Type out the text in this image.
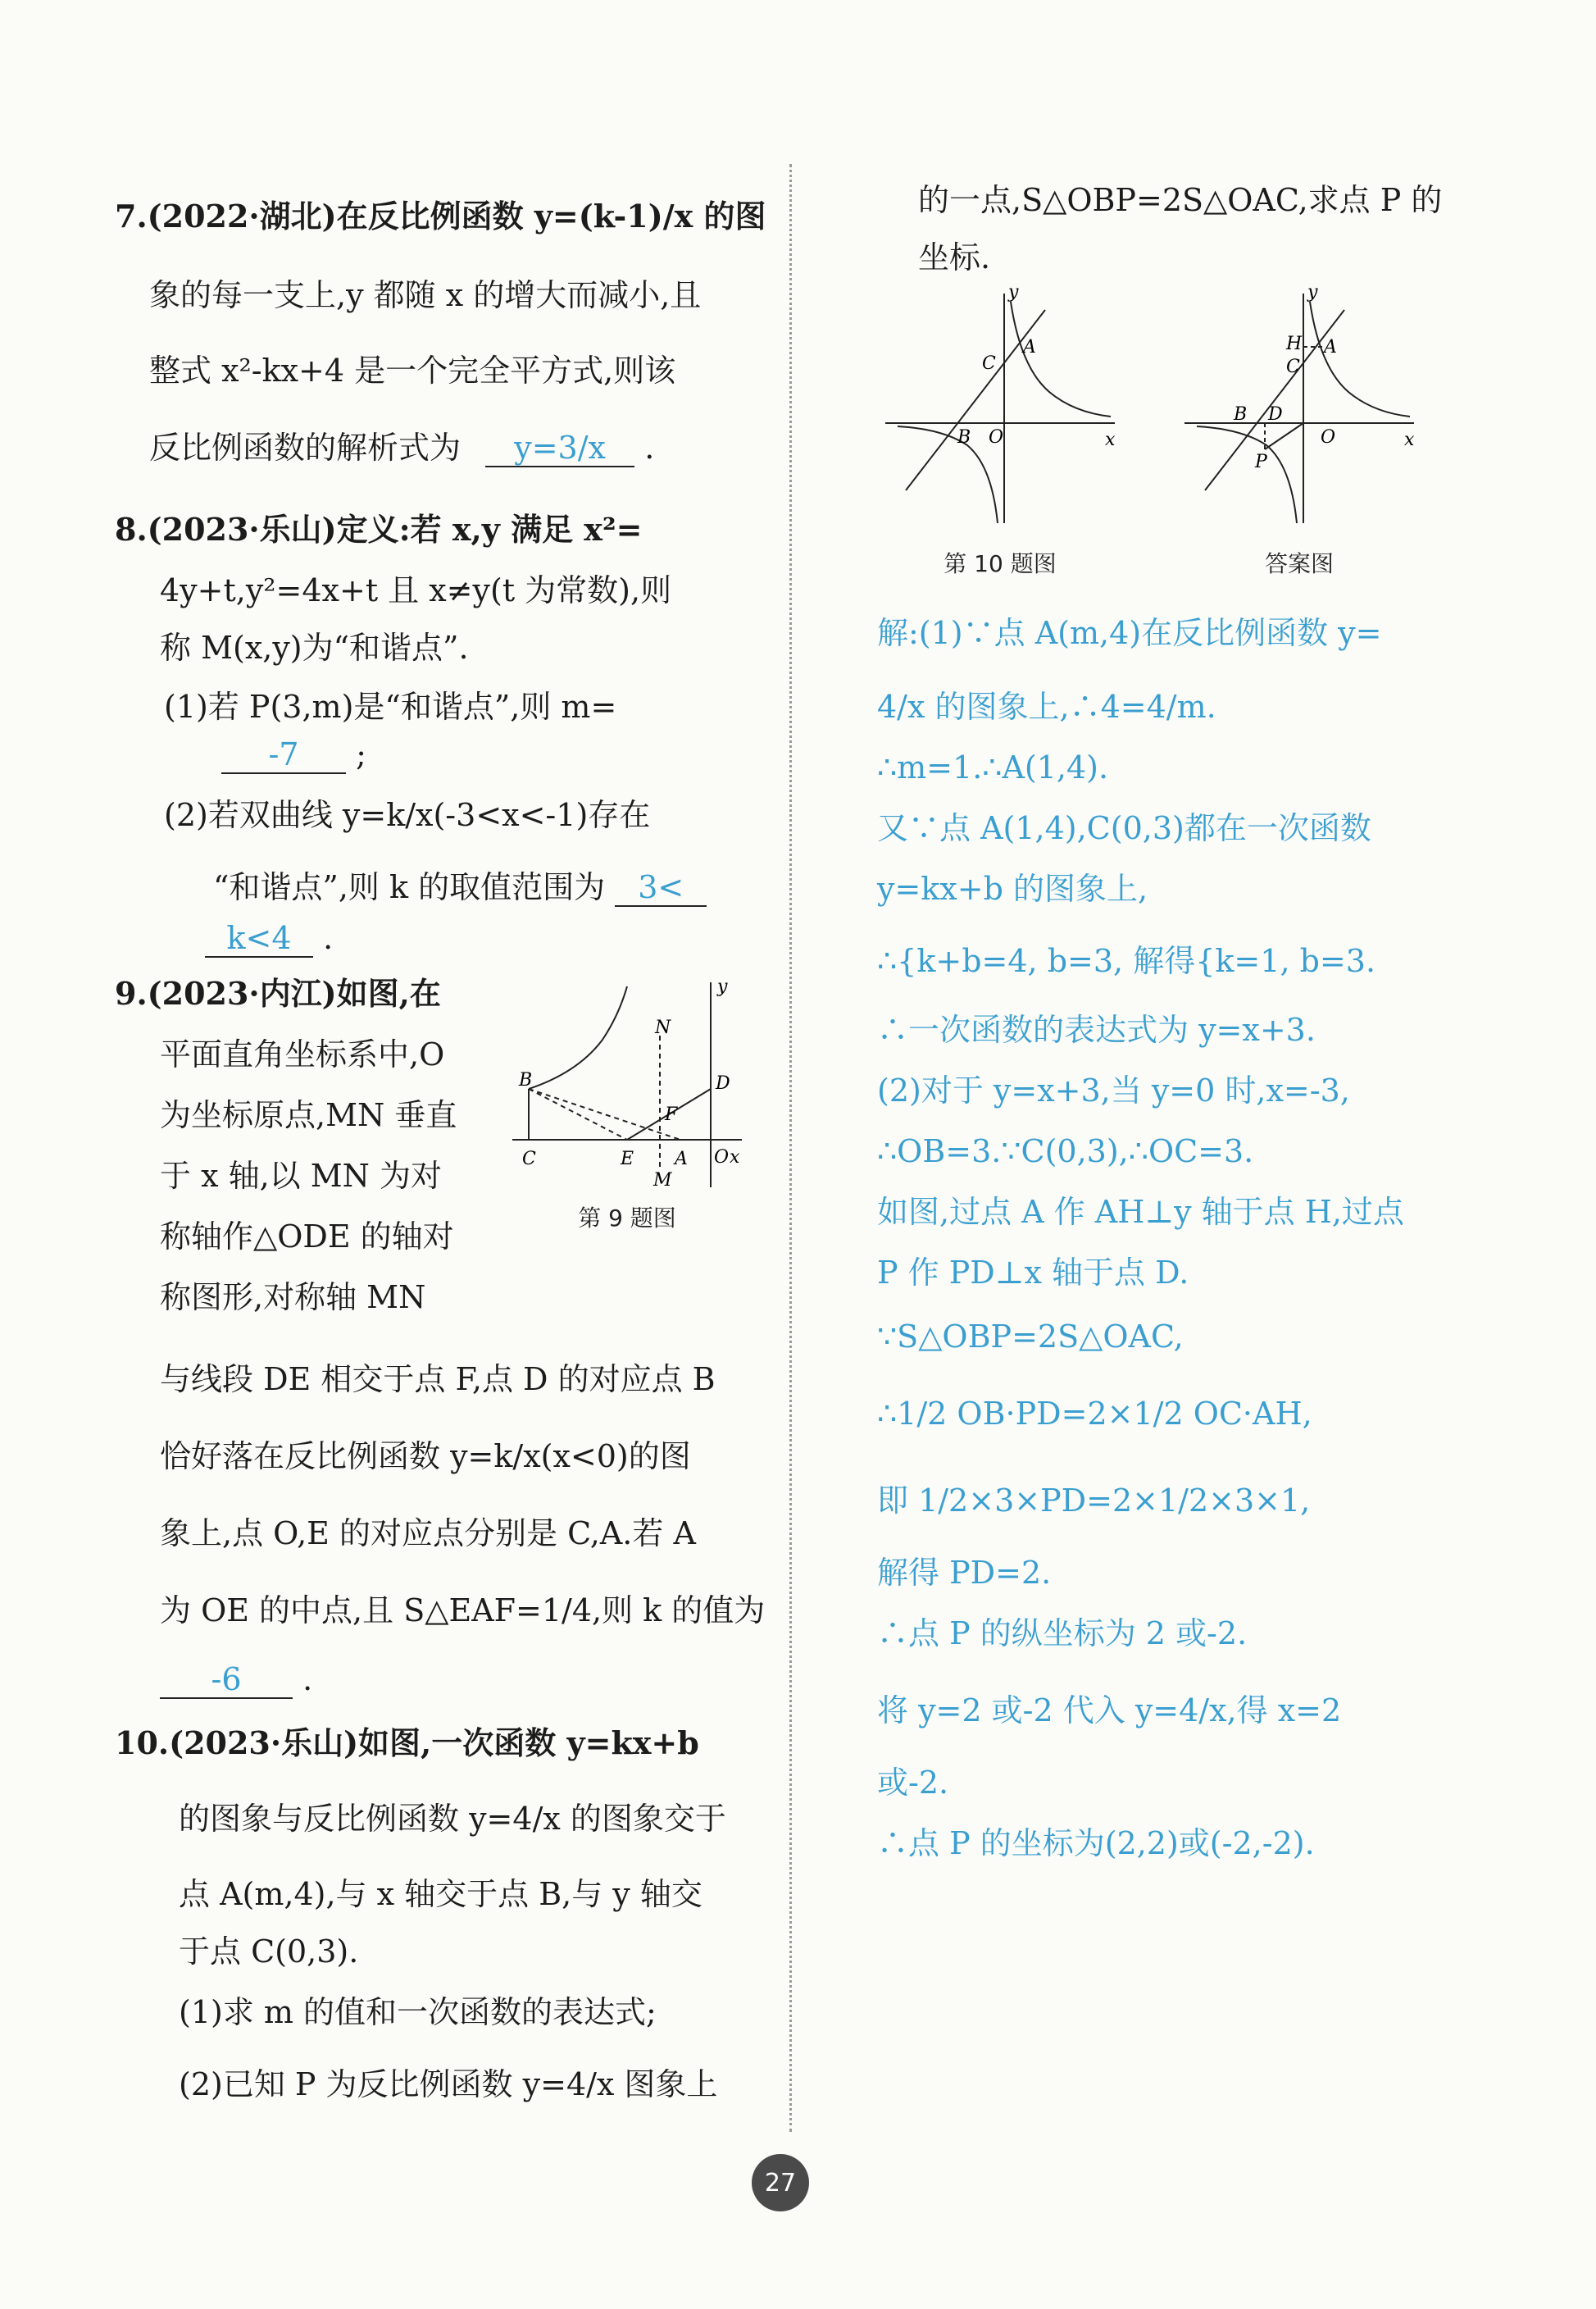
7.(2022·湖北)在反比例函数 y=(k-1)/x 的图

象的每一支上,y 都随 x 的增大而减小,且

整式 x²-kx+4 是一个完全平方式,则该

反比例函数的解析式为 y=3/x .

8.(2023·乐山)定义:若 x,y 满足 x²=

4y+t,y²=4x+t 且 x≠y(t 为常数),则

称 M(x,y)为“和谐点”.

(1)若 P(3,m)是“和谐点”,则 m=

-7 ;

(2)若双曲线 y=k/x(-3<x<-1)存在

“和谐点”,则 k 的取值范围为 3<

k<4 .

9.(2023·内江)如图,在

平面直角坐标系中,O

为坐标原点,MN 垂直

于 x 轴,以 MN 为对

称轴作△ODE 的轴对

称图形,对称轴 MN

y
x
N
B	D
F
C	E A O
M
第 9 题图

与线段 DE 相交于点 F,点 D 的对应点 B

恰好落在反比例函数 y=k/x(x<0)的图

象上,点 O,E 的对应点分别是 C,A.若 A

为 OE 的中点,且 S△EAF=1/4,则 k 的值为

-6 .

10.(2023·乐山)如图,一次函数 y=kx+b

的图象与反比例函数 y=4/x 的图象交于

点 A(m,4),与 x 轴交于点 B,与 y 轴交

于点 C(0,3).

(1)求 m 的值和一次函数的表达式;

(2)已知 P 为反比例函数 y=4/x 图象上

的一点,S△OBP=2S△OAC,求点 P 的

坐标.

y
x
A
C
B O
第 10 题图
y
x
A
H
C
B D
O
P
答案图

解:(1)∵点 A(m,4)在反比例函数 y=

4/x 的图象上,∴4=4/m.

∴m=1.∴A(1,4).

又∵点 A(1,4),C(0,3)都在一次函数

y=kx+b 的图象上,

∴{k+b=4, b=3, 解得{k=1, b=3.

∴一次函数的表达式为 y=x+3.

(2)对于 y=x+3,当 y=0 时,x=-3,

∴OB=3.∵C(0,3),∴OC=3.

如图,过点 A 作 AH⊥y 轴于点 H,过点

P 作 PD⊥x 轴于点 D.

∵S△OBP=2S△OAC,

∴1/2 OB·PD=2×1/2 OC·AH,

即 1/2×3×PD=2×1/2×3×1,

解得 PD=2.

∴点 P 的纵坐标为 2 或-2.

将 y=2 或-2 代入 y=4/x,得 x=2

或-2.

∴点 P 的坐标为(2,2)或(-2,-2).

27
